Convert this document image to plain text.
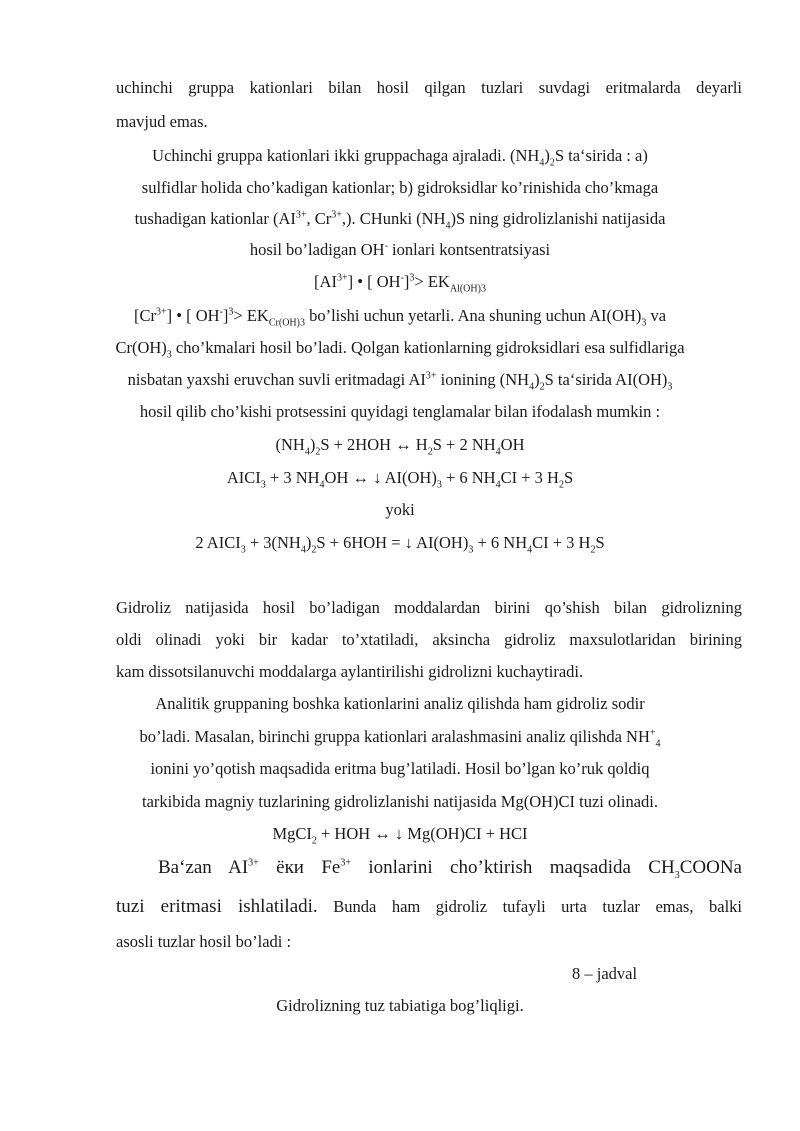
uchinchi gruppa kationlari bilan hosil qilgan tuzlari suvdagi eritmalarda deyarli
mavjud emas.
Uchinchi gruppa kationlari ikki gruppachaga ajraladi. $(NH_4)_2S$ ta‘sirida : a)
sulfidlar holida cho’kadigan kationlar; b) gidroksidlar ko’rinishida cho’kmaga
tushadigan kationlar ($AI^{3+}$, $Cr^{3+}$,). CHunki $(NH_4)S$ ning gidrolizlanishi natijasida
hosil bo’ladigan OH- ionlari kontsentratsiyasi
$[AI^{3+}]$ • [ $OH^-]^3> EK_{Al(OH)3}$
$[Cr^{3+}]$ • [ $OH^-]^3> EK_{Cr(OH)3}$ bo’lishi uchun yetarli. Ana shuning uchun $AI(OH)_3$ va
$Cr(OH)_3$ cho’kmalari hosil bo’ladi. Qolgan kationlarning gidroksidlari esa sulfidlariga
nisbatan yaxshi eruvchan suvli eritmadagi $AI^{3+}$ ionining $(NH_4)_2S$ ta‘sirida $AI(OH)_3$
hosil qilib cho’kishi protsessini quyidagi tenglamalar bilan ifodalash mumkin :
$(NH_4)_2S + 2HOH$ ↔ $H_2S + 2$ $NH_4OH$
$AICI_3 + 3$ $NH_4OH$ ↔ ↓ $AI(OH)_3 + 6$ $NH_4CI + 3$ $H_2S$
yoki
2 $AICI_3 + 3(NH_4)_2S + 6HOH$ = ↓ $AI(OH)_3 + 6$ $NH_4CI + 3$ $H_2S$
Gidroliz natijasida hosil bo’ladigan moddalardan birini qo’shish bilan gidrolizning
oldi olinadi yoki bir kadar to’xtatiladi, aksincha gidroliz maxsulotlaridan birining
kam dissotsilanuvchi moddalarga aylantirilishi gidrolizni kuchaytiradi.
Analitik gruppaning boshka kationlarini analiz qilishda ham gidroliz sodir
bo’ladi. Masalan, birinchi gruppa kationlari aralashmasini analiz qilishda $NH^+_4$
ionini yo’qotish maqsadida eritma bug’latiladi. Hosil bo’lgan ko’ruk qoldiq
tarkibida magniy tuzlarining gidrolizlanishi natijasida Mg(OH)CI tuzi olinadi.
MgCI$_2$ + HOH ↔ ↓ Mg(OH)CI + HCI
Ba‘zan $AI^{3+}$ ёки $Fe^{3+}$ ionlarini cho’ktirish maqsadida $CH_3COONa$
tuzi eritmasi ishlatiladi. Bunda ham gidroliz tufayli urta tuzlar emas, balki
asosli tuzlar hosil bo’ladi :
8 – jadval
Gidrolizning tuz tabiatiga bog’liqligi.
